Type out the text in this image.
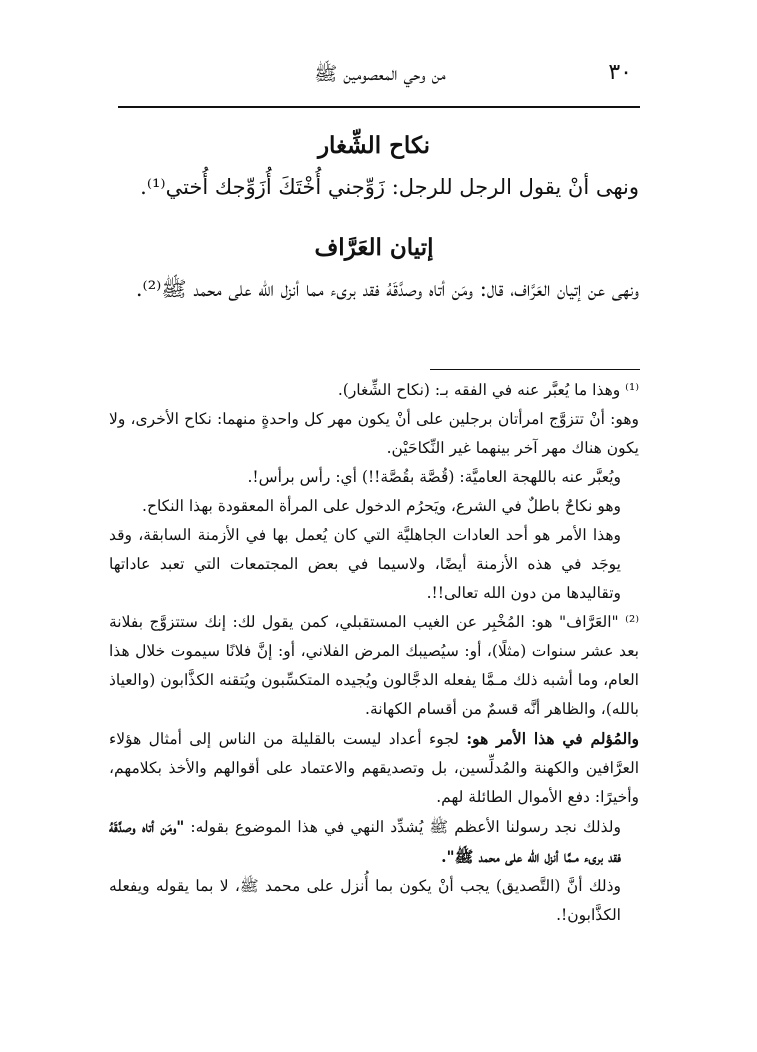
٣٠
من وحي المعصومين ﷺ
نكاح الشِّغار
ونهى أنْ يقول الرجل للرجل: زَوِّجني أُخْتَكَ أُزَوِّجك أُختي⁽¹⁾.
إتيان العَرَّاف
ونهى عن إتيان العَرَّاف، قال: ومَن أتاه وصدَّقَهُ فقد برىء مما أنزل الله على محمد ﷺ⁽²⁾.

⁽¹⁾ وهذا ما يُعبَّر عنه في الفقه بـ: (نكاح الشِّغار).

وهو: أنْ تتزوَّج امرأتان برجلين على أنْ يكون مهر كل واحدةٍ منهما: نكاح الأخرى، ولا يكون هناك مهر آخر بينهما غير النِّكاحَيْن.

ويُعبَّر عنه باللهجة العاميَّة: (قُصَّة بقُصَّة!!) أي: رأس برأس!.

وهو نكاحٌ باطلٌ في الشرع، ويَحرُم الدخول على المرأة المعقودة بهذا النكاح.

وهذا الأمر هو أحد العادات الجاهليَّة التي كان يُعمل بها في الأزمنة السابقة، وقد يوجَد في هذه الأزمنة أيضًا، ولاسيما في بعض المجتمعات التي تعبد عاداتها وتقاليدها من دون الله تعالى!!.

⁽²⁾ "العَرَّاف" هو: المُخْبِر عن الغيب المستقبلي، كمن يقول لك: إنك ستتزوَّج بفلانة بعد عشر سنوات (مثلًا)، أو: سيُصيبك المرض الفلاني، أو: إنَّ فلانًا سيموت خلال هذا العام، وما أشبه ذلك مـمَّا يفعله الدجَّالون ويُجيده المتكسِّبون ويُتقنه الكذَّابون (والعياذ بالله)، والظاهر أنَّه قسمٌ من أقسام الكهانة.

والمُؤلم في هذا الأمر هو: لجوء أعداد ليست بالقليلة من الناس إلى أمثال هؤلاء العرَّافين والكهنة والمُدلِّسين، بل وتصديقهم والاعتماد على أقوالهم والأخذ بكلامهم، وأخيرًا: دفع الأموال الطائلة لهم.

ولذلك نجد رسولنا الأعظم ﷺ يُشدِّد النهي في هذا الموضوع بقوله: "ومَن أتاه وصدَّقَهُ فقد برىء مـمَّا أنزل الله على محمد ﷺ".

وذلك أنَّ (التَّصديق) يجب أنْ يكون بما أُنزل على محمد ﷺ، لا بما يقوله ويفعله الكذَّابون!.
